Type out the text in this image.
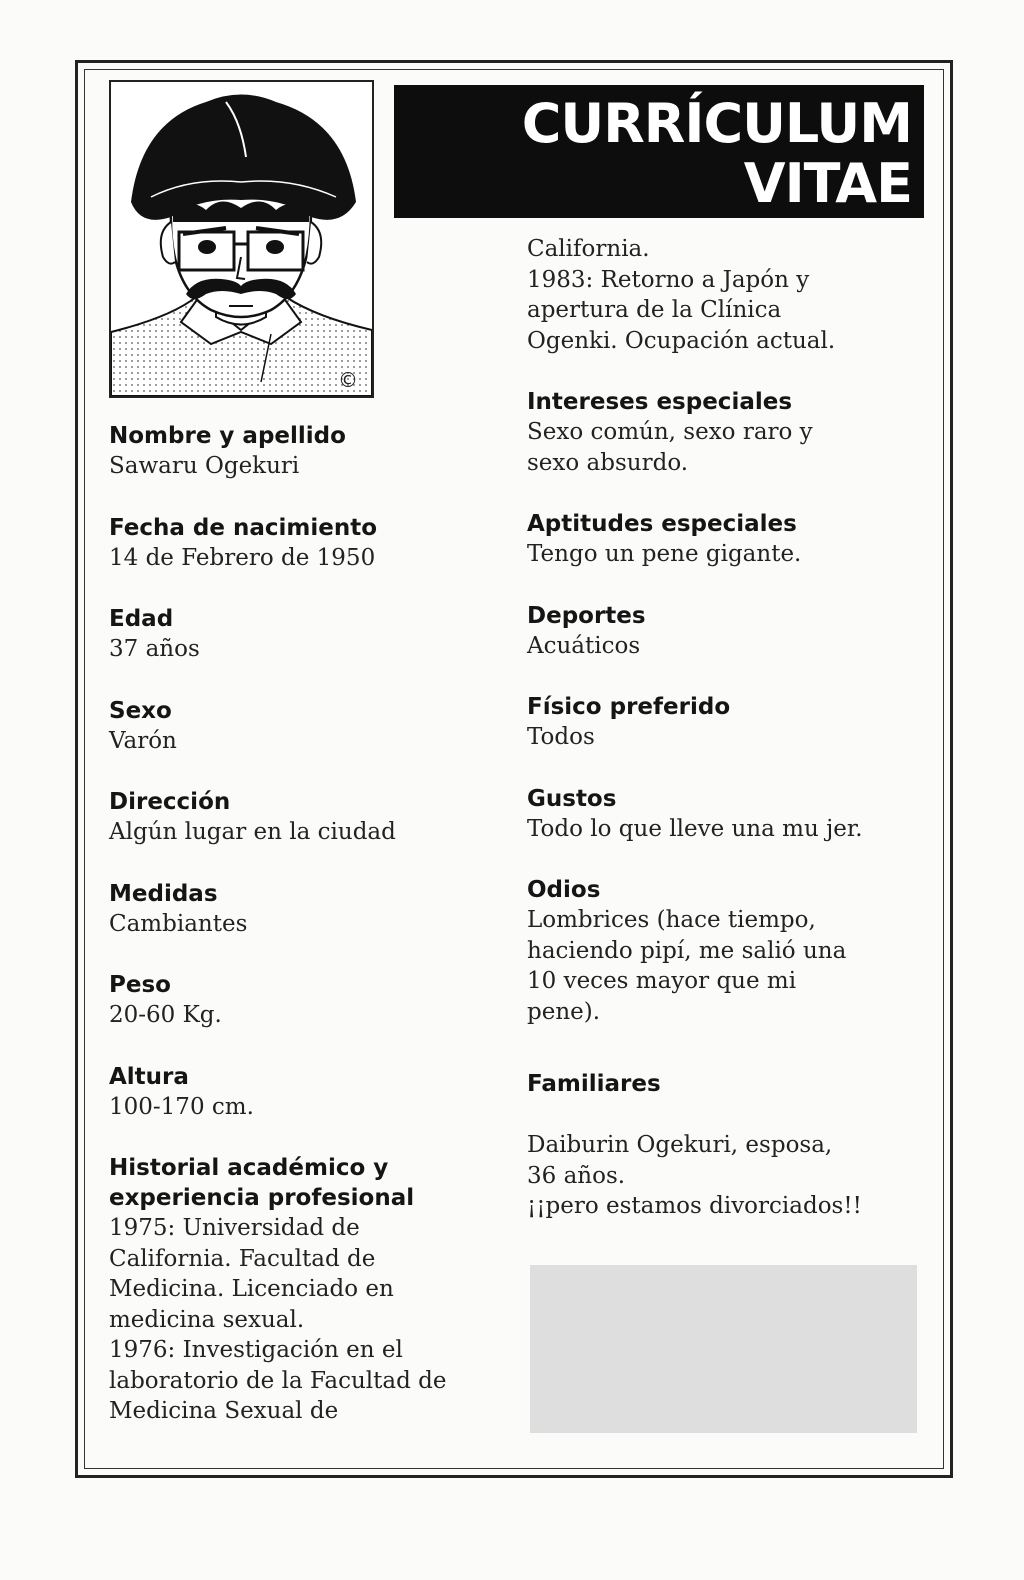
©
CURRÍCULUM
VITAE
Nombre y apellido
Sawaru Ogekuri
Fecha de nacimiento
14 de Febrero de 1950
Edad
37 años
Sexo
Varón
Dirección
Algún lugar en la ciudad
Medidas
Cambiantes
Peso
20-60 Kg.
Altura
100-170 cm.
Historial académico y
experiencia profesional
1975: Universidad de
California. Facultad de
Medicina. Licenciado en
medicina sexual.
1976: Investigación en el
laboratorio de la Facultad de
Medicina Sexual de
California.
1983: Retorno a Japón y
apertura de la Clínica
Ogenki. Ocupación actual.
Intereses especiales
Sexo común, sexo raro y
sexo absurdo.
Aptitudes especiales
Tengo un pene gigante.
Deportes
Acuáticos
Físico preferido
Todos
Gustos
Todo lo que lleve una mu jer.
Odios
Lombrices (hace tiempo,
haciendo pipí, me salió una
10 veces mayor que mi
pene).
Familiares
Daiburin Ogekuri, esposa,
36 años.
¡¡pero estamos divorciados!!
